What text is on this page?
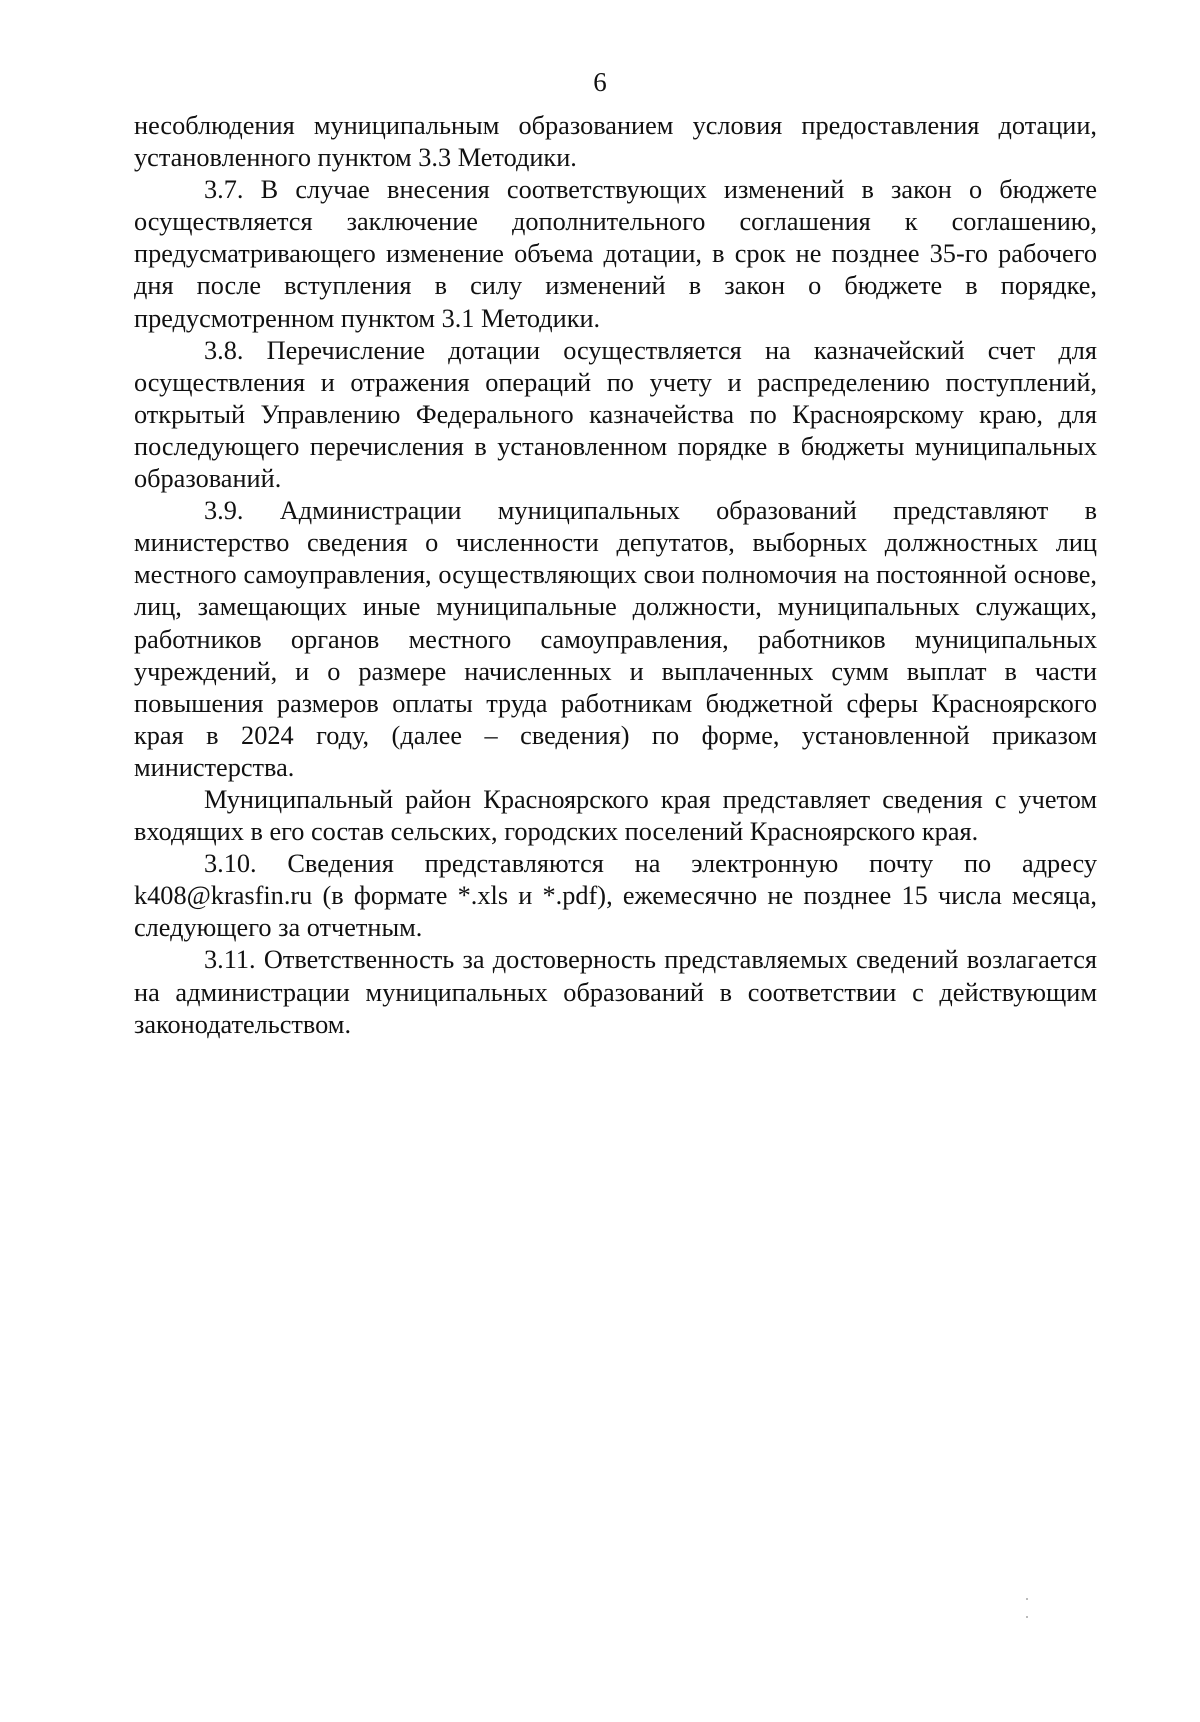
6

несоблюдения муниципальным образованием условия предоставления дотации, установленного пунктом 3.3 Методики.

3.7. В случае внесения соответствующих изменений в закон о бюджете осуществляется заключение дополнительного соглашения к соглашению, предусматривающего изменение объема дотации, в срок не позднее 35-го рабочего дня после вступления в силу изменений в закон о бюджете в порядке, предусмотренном пунктом 3.1 Методики.

3.8. Перечисление дотации осуществляется на казначейский счет для осуществления и отражения операций по учету и распределению поступлений, открытый Управлению Федерального казначейства по Красноярскому краю, для последующего перечисления в установленном порядке в бюджеты муниципальных образований.

3.9. Администрации муниципальных образований представляют в министерство сведения о численности депутатов, выборных должностных лиц местного самоуправления, осуществляющих свои полномочия на постоянной основе, лиц, замещающих иные муниципальные должности, муниципальных служащих, работников органов местного самоуправления, работников муниципальных учреждений, и о размере начисленных и выплаченных сумм выплат в части повышения размеров оплаты труда работникам бюджетной сферы Красноярского края в 2024 году, (далее – сведения) по форме, установленной приказом министерства.

Муниципальный район Красноярского края представляет сведения с учетом входящих в его состав сельских, городских поселений Красноярского края.

3.10. Сведения представляются на электронную почту по адресу k408@krasfin.ru (в формате *.xls и *.pdf), ежемесячно не позднее 15 числа месяца, следующего за отчетным.

3.11. Ответственность за достоверность представляемых сведений возлагается на администрации муниципальных образований в соответствии с действующим законодательством.
